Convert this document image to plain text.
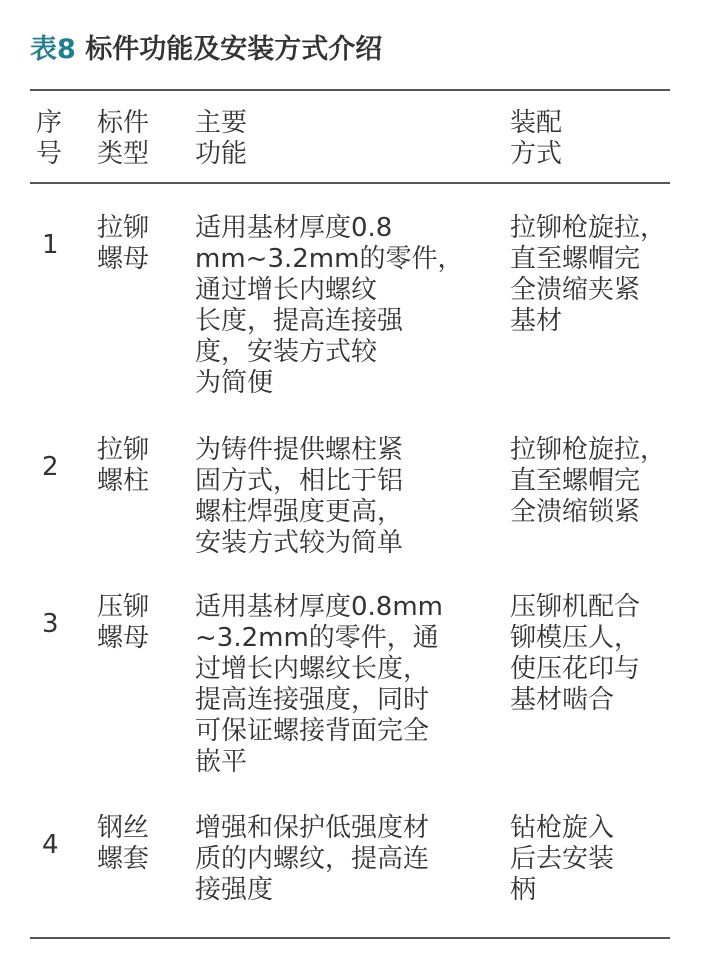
表8 标件功能及安装方式介绍
序
号
标件
类型
主要
功能
装配
方式
1
拉铆
螺母
适用基材厚度0.8
mm~3.2mm的零件，
通过增长内螺纹
长度，提高连接强
度，安装方式较
为简便
拉铆枪旋拉，
直至螺帽完
全溃缩夹紧
基材
2
拉铆
螺柱
为铸件提供螺柱紧
固方式，相比于铝
螺柱焊强度更高，
安装方式较为简单
拉铆枪旋拉，
直至螺帽完
全溃缩锁紧
3
压铆
螺母
适用基材厚度0.8mm
~3.2mm的零件，通
过增长内螺纹长度，
提高连接强度，同时
可保证螺接背面完全
嵌平
压铆机配合
铆模压人，
使压花印与
基材啮合
4
钢丝
螺套
增强和保护低强度材
质的内螺纹，提高连
接强度
钻枪旋入
后去安装
柄
